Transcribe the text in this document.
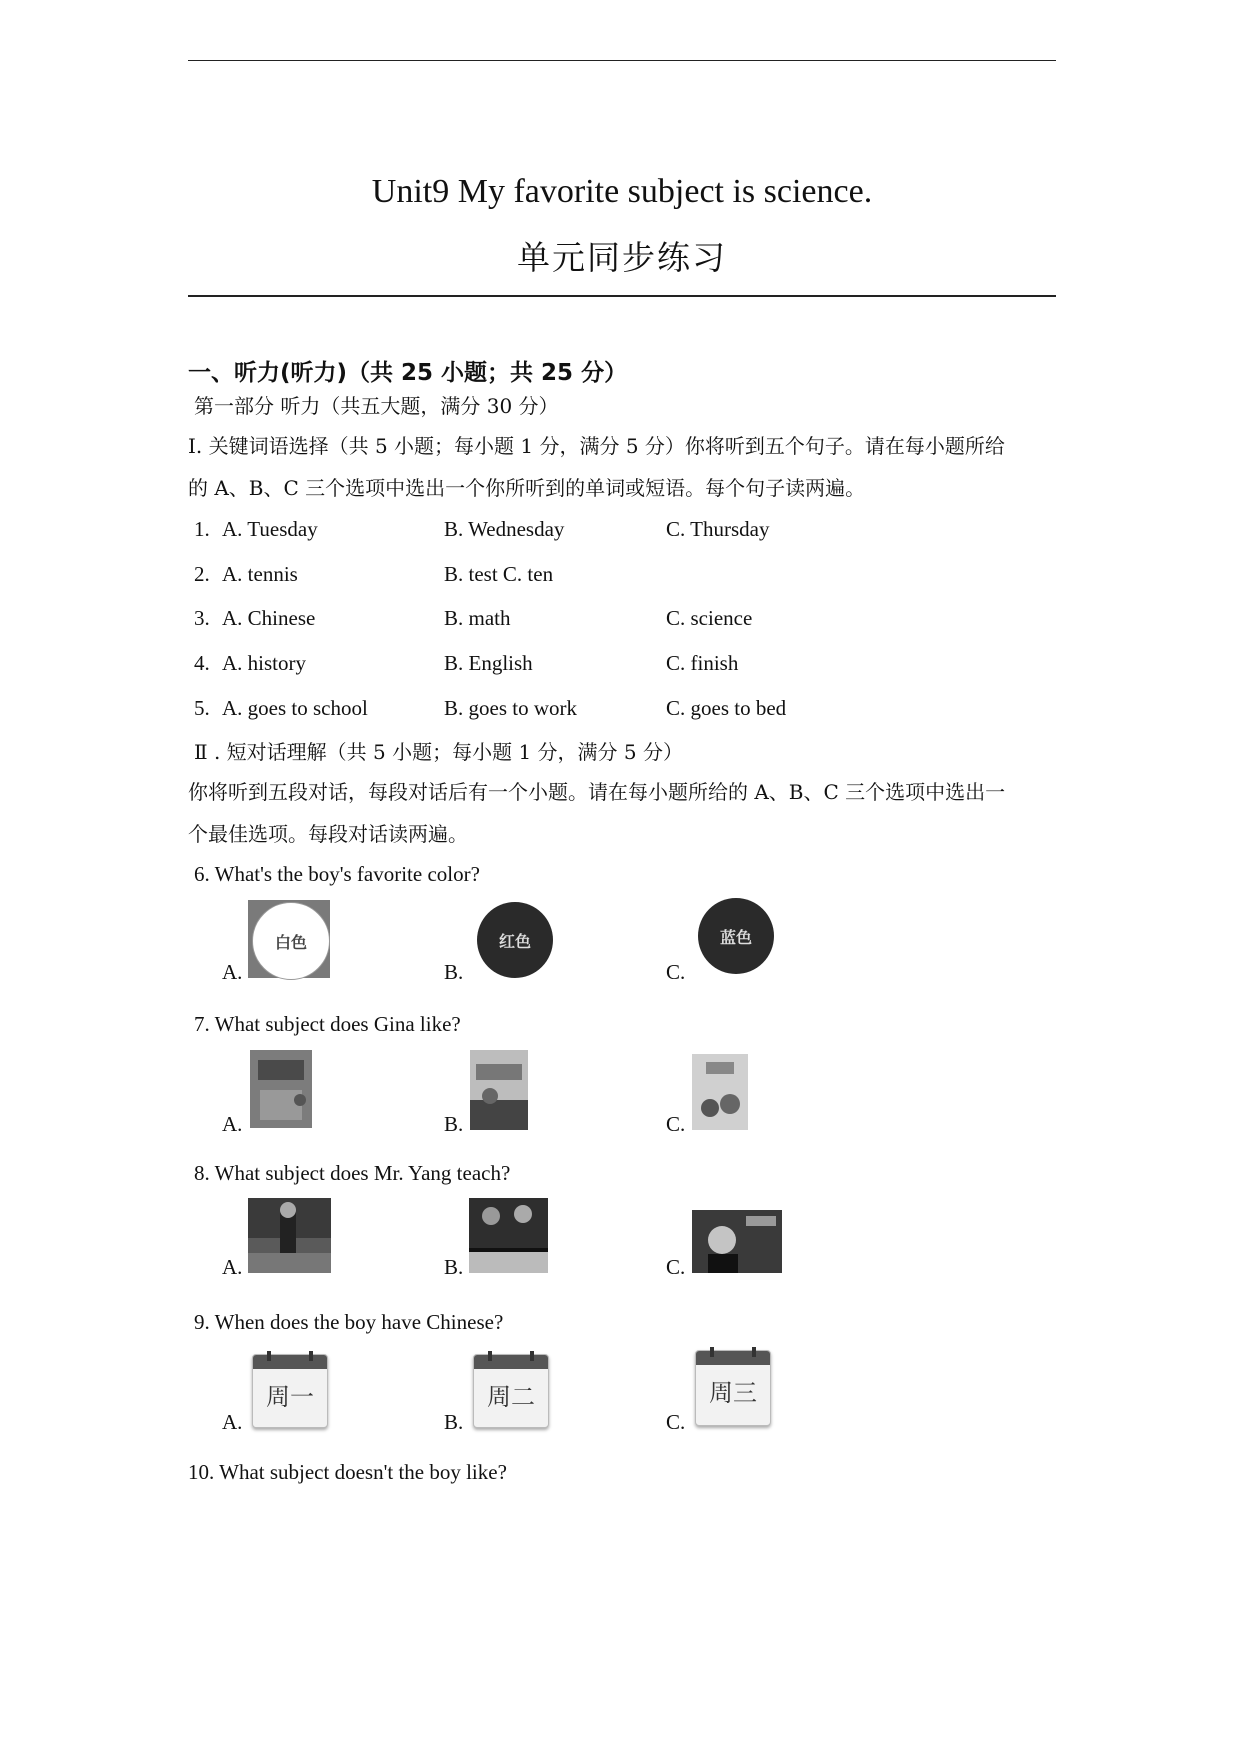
Unit9 My favorite subject is science.
单元同步练习
一、听力(听力)（共 25 小题；共 25 分）
第一部分 听力（共五大题，满分 30 分）
I. 关键词语选择（共 5 小题；每小题 1 分，满分 5 分）你将听到五个句子。请在每小题所给
的 A、B、C 三个选项中选出一个你所听到的单词或短语。每个句子读两遍。
1. A. Tuesday	B. Wednesday	C. Thursday
2. A. tennis	B. test C. ten
3. A. Chinese	B. math	C. science
4. A. history	B. English	C. finish
5. A. goes to school	B. goes to work	C. goes to bed
Ⅱ . 短对话理解（共 5 小题；每小题 1 分，满分 5 分）
你将听到五段对话，每段对话后有一个小题。请在每小题所给的 A、B、C 三个选项中选出一
个最佳选项。每段对话读两遍。
6. What's the boy's favorite color?
A.
白色
B.
红色
C.
蓝色
7. What subject does Gina like?
A.	B.	C.
8. What subject does Mr. Yang teach?
A.	B.	C.
9. When does the boy have Chinese?
A.
周一
B.
周二
C.
周三
10. What subject doesn't the boy like?
